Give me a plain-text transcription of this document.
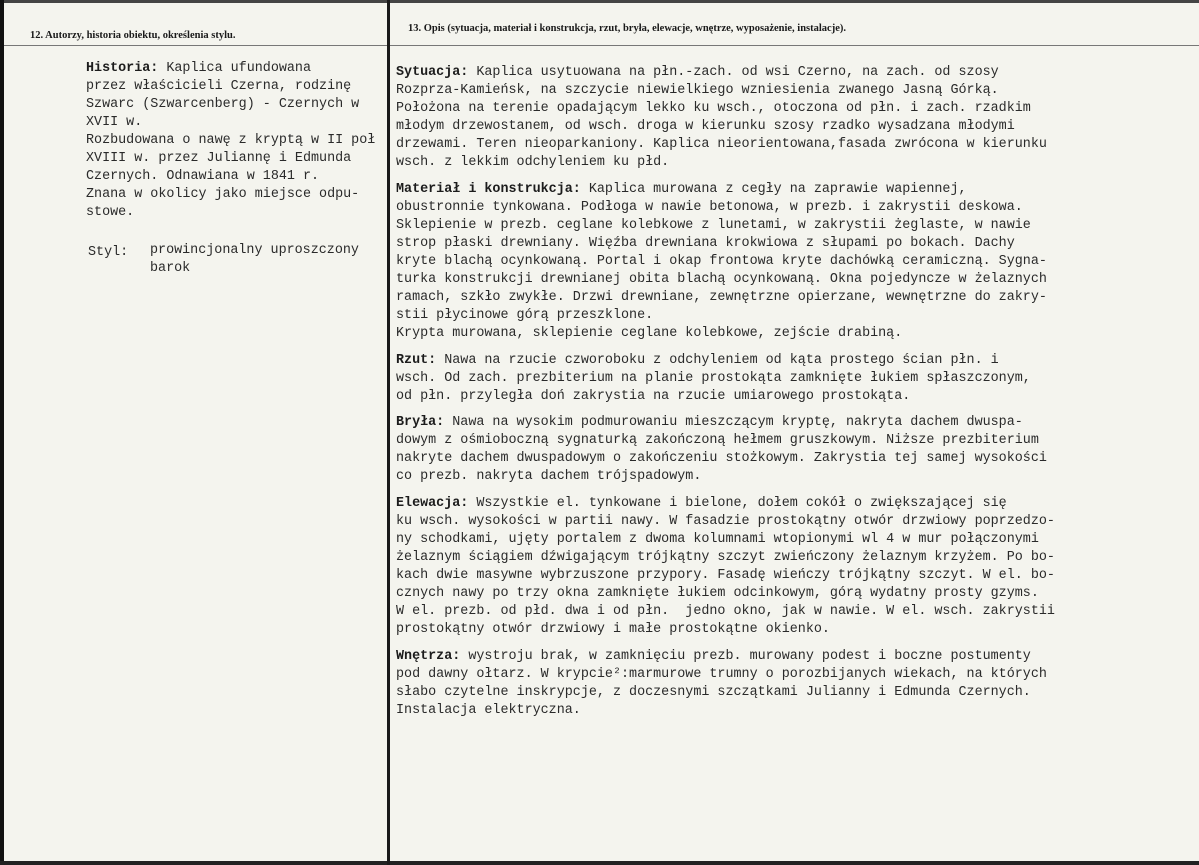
12. Autorzy, historia obiektu, określenia stylu.
13. Opis (sytuacja, materiał i konstrukcja, rzut, bryła, elewacje, wnętrze, wyposażenie, instalacje).

Historia: Kaplica ufundowana
przez właścicieli Czerna, rodzinę
Szwarc (Szwarcenberg) - Czernych w
XVII w.
Rozbudowana o nawę z kryptą w II poł
XVIII w. przez Juliannę i Edmunda
Czernych. Odnawiana w 1841 r.
Znana w okolicy jako miejsce odpu-
stowe.

Styl:	prowincjonalny uproszczony
barok

Sytuacja: Kaplica usytuowana na płn.-zach. od wsi Czerno, na zach. od szosy
Rozprza-Kamieńsk, na szczycie niewielkiego wzniesienia zwanego Jasną Górką.
Położona na terenie opadającym lekko ku wsch., otoczona od płn. i zach. rzadkim
młodym drzewostanem, od wsch. droga w kierunku szosy rzadko wysadzana młodymi
drzewami. Teren nieoparkaniony. Kaplica nieorientowana,fasada zwrócona w kierunku
wsch. z lekkim odchyleniem ku płd.

Materiał i konstrukcja: Kaplica murowana z cegły na zaprawie wapiennej,
obustronnie tynkowana. Podłoga w nawie betonowa, w prezb. i zakrystii deskowa.
Sklepienie w prezb. ceglane kolebkowe z lunetami, w zakrystii żeglaste, w nawie
strop płaski drewniany. Więźba drewniana krokwiowa z słupami po bokach. Dachy
kryte blachą ocynkowaną. Portal i okap frontowa kryte dachówką ceramiczną. Sygna-
turka konstrukcji drewnianej obita blachą ocynkowaną. Okna pojedyncze w żelaznych
ramach, szkło zwykłe. Drzwi drewniane, zewnętrzne opierzane, wewnętrzne do zakry-
stii płycinowe górą przeszklone.
Krypta murowana, sklepienie ceglane kolebkowe, zejście drabiną.

Rzut: Nawa na rzucie czworoboku z odchyleniem od kąta prostego ścian płn. i
wsch. Od zach. prezbiterium na planie prostokąta zamknięte łukiem spłaszczonym,
od płn. przyległa doń zakrystia na rzucie umiarowego prostokąta.

Bryła: Nawa na wysokim podmurowaniu mieszczącym kryptę, nakryta dachem dwuspa-
dowym z ośmioboczną sygnaturką zakończoną hełmem gruszkowym. Niższe prezbiterium
nakryte dachem dwuspadowym o zakończeniu stożkowym. Zakrystia tej samej wysokości
co prezb. nakryta dachem trójspadowym.

Elewacja: Wszystkie el. tynkowane i bielone, dołem cokół o zwiększającej się
ku wsch. wysokości w partii nawy. W fasadzie prostokątny otwór drzwiowy poprzedzo-
ny schodkami, ujęty portalem z dwoma kolumnami wtopionymi wl 4 w mur połączonymi
żelaznym ściągiem dźwigającym trójkątny szczyt zwieńczony żelaznym krzyżem. Po bo-
kach dwie masywne wybrzuszone przypory. Fasadę wieńczy trójkątny szczyt. W el. bo-
cznych nawy po trzy okna zamknięte łukiem odcinkowym, górą wydatny prosty gzyms.
W el. prezb. od płd. dwa i od płn.  jedno okno, jak w nawie. W el. wsch. zakrystii
prostokątny otwór drzwiowy i małe prostokątne okienko.

Wnętrza: wystroju brak, w zamknięciu prezb. murowany podest i boczne postumenty
pod dawny ołtarz. W krypcie²:marmurowe trumny o porozbijanych wiekach, na których
słabo czytelne inskrypcje, z doczesnymi szczątkami Julianny i Edmunda Czernych.
Instalacja elektryczna.
